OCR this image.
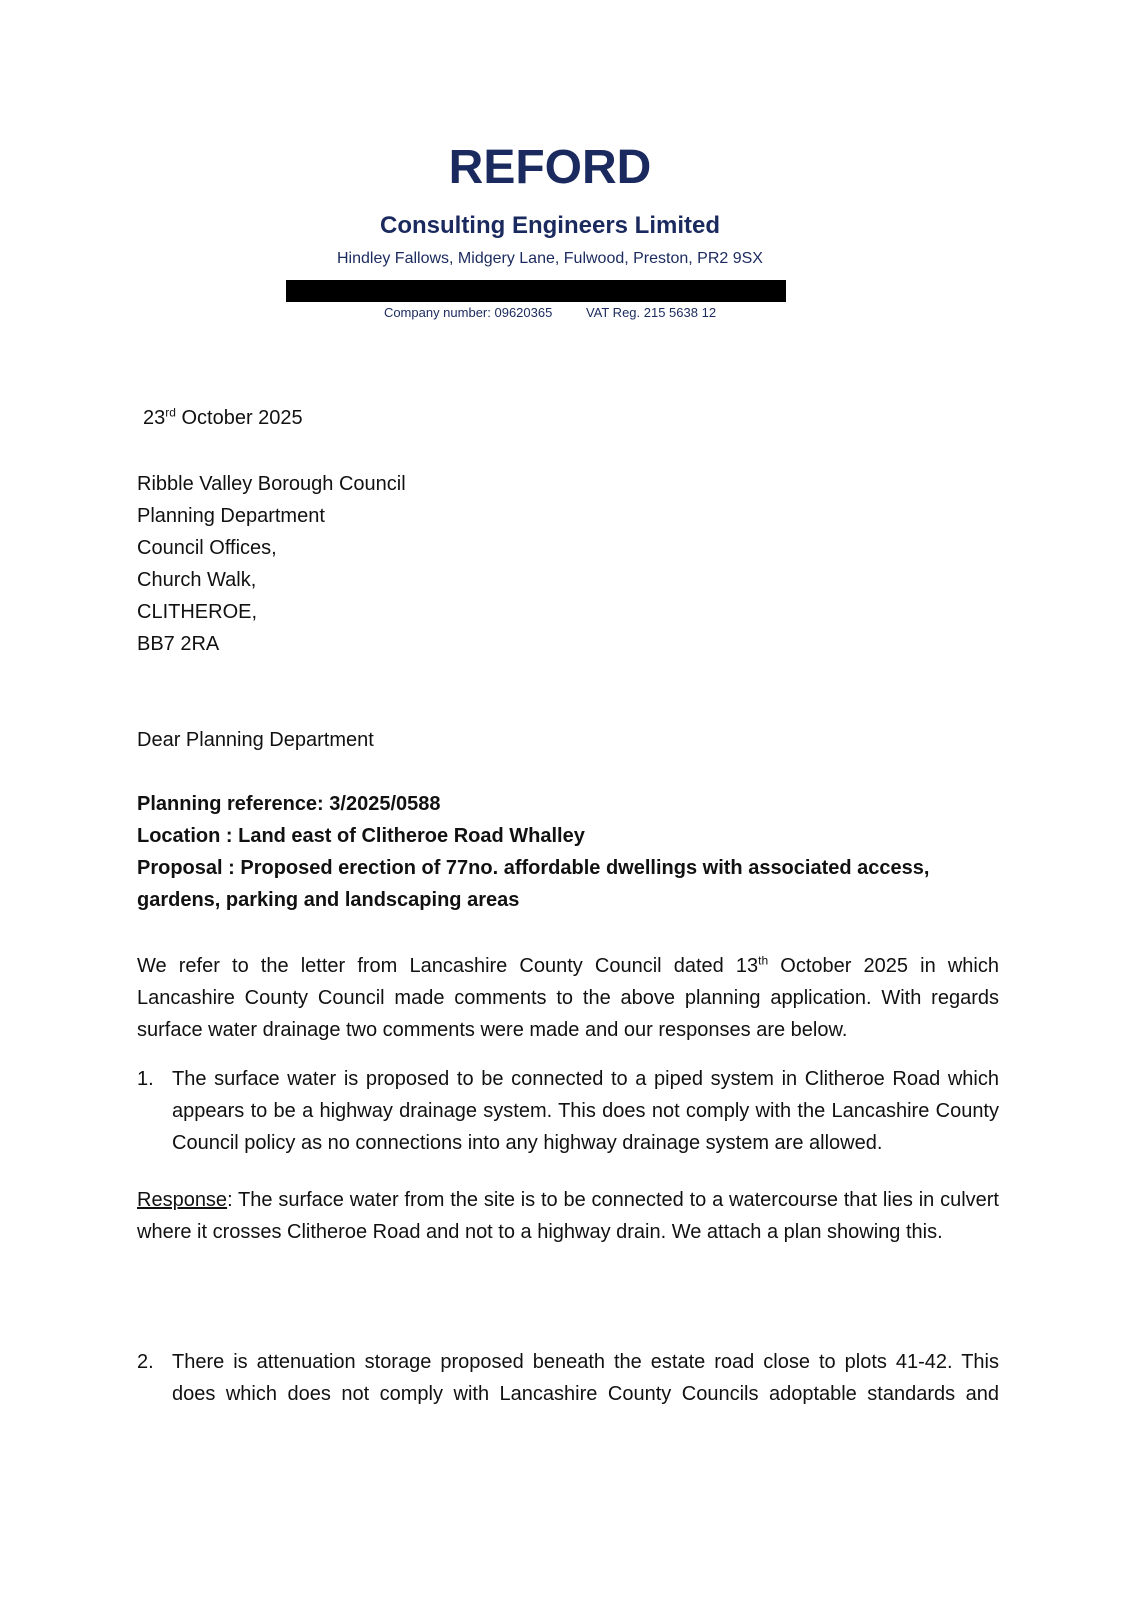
REFORD
Consulting Engineers Limited
Hindley Fallows, Midgery Lane, Fulwood, Preston, PR2 9SX
Company number: 09620365	VAT Reg. 215 5638 12
23rd October 2025
Ribble Valley Borough Council
Planning Department
Council Offices,
Church Walk,
CLITHEROE,
BB7 2RA
Dear Planning Department
Planning reference: 3/2025/0588
Location : Land east of Clitheroe Road Whalley
Proposal : Proposed erection of 77no. affordable dwellings with associated access, gardens, parking and landscaping areas
We refer to the letter from Lancashire County Council dated 13th October 2025 in which Lancashire County Council made comments to the above planning application. With regards surface water drainage two comments were made and our responses are below.
1. The surface water is proposed to be connected to a piped system in Clitheroe Road which appears to be a highway drainage system. This does not comply with the Lancashire County Council policy as no connections into any highway drainage system are allowed.
Response: The surface water from the site is to be connected to a watercourse that lies in culvert where it crosses Clitheroe Road and not to a highway drain. We attach a plan showing this.
2. There is attenuation storage proposed beneath the estate road close to plots 41-42. This does which does not comply with Lancashire County Councils adoptable standards and
